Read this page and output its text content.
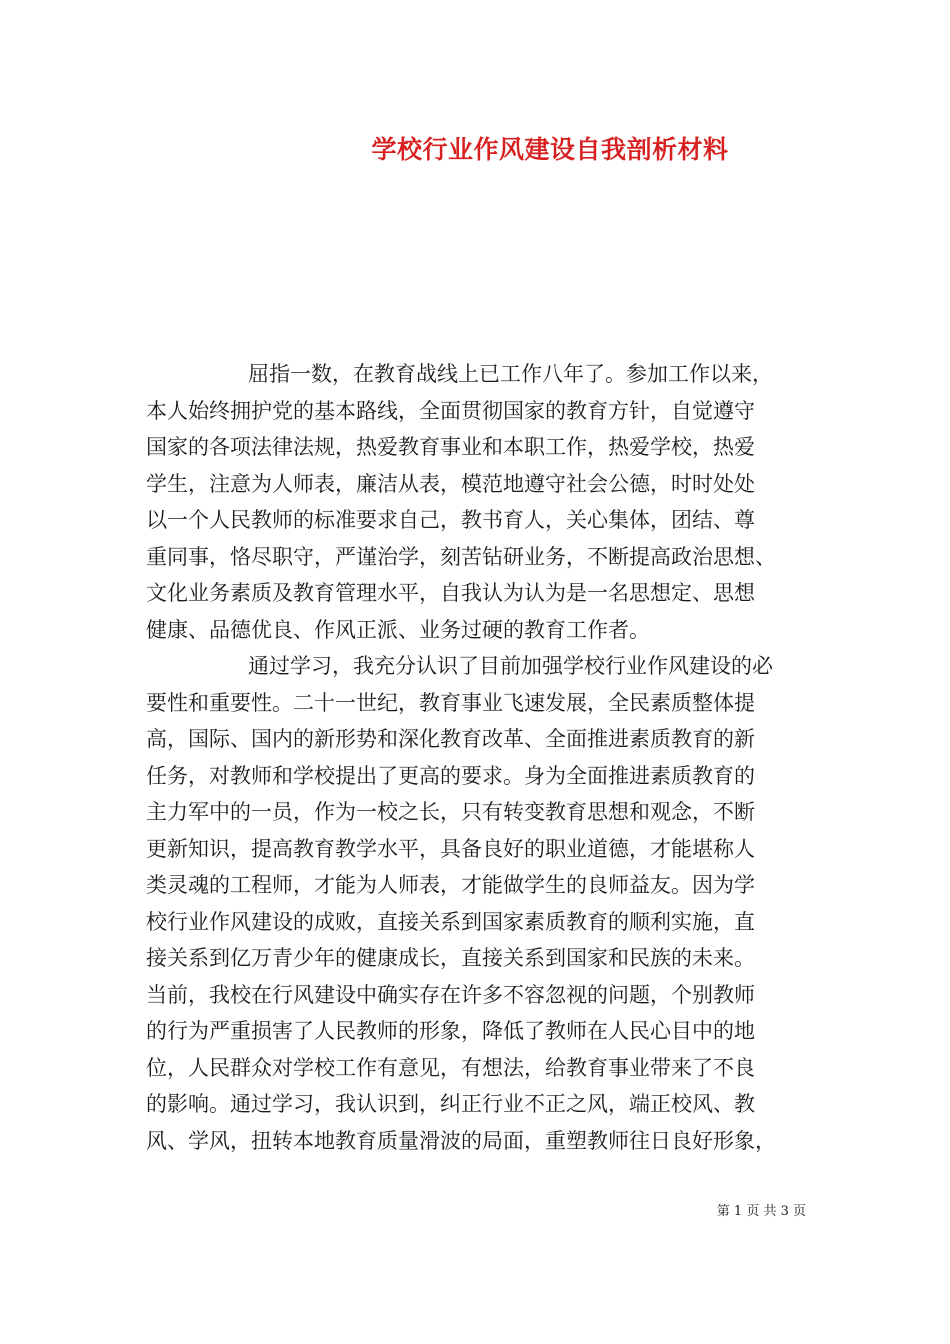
学校行业作风建设自我剖析材料
屈指一数，在教育战线上已工作八年了。参加工作以来，
本人始终拥护党的基本路线，全面贯彻国家的教育方针，自觉遵守
国家的各项法律法规，热爱教育事业和本职工作，热爱学校，热爱
学生，注意为人师表，廉洁从表，模范地遵守社会公德，时时处处
以一个人民教师的标准要求自己，教书育人，关心集体，团结、尊
重同事，恪尽职守，严谨治学，刻苦钻研业务，不断提高政治思想、
文化业务素质及教育管理水平，自我认为认为是一名思想定、思想
健康、品德优良、作风正派、业务过硬的教育工作者。
通过学习，我充分认识了目前加强学校行业作风建设的必
要性和重要性。二十一世纪，教育事业飞速发展，全民素质整体提
高，国际、国内的新形势和深化教育改革、全面推进素质教育的新
任务，对教师和学校提出了更高的要求。身为全面推进素质教育的
主力军中的一员，作为一校之长，只有转变教育思想和观念，不断
更新知识，提高教育教学水平，具备良好的职业道德，才能堪称人
类灵魂的工程师，才能为人师表，才能做学生的良师益友。因为学
校行业作风建设的成败，直接关系到国家素质教育的顺利实施，直
接关系到亿万青少年的健康成长，直接关系到国家和民族的未来。
当前，我校在行风建设中确实存在许多不容忽视的问题，个别教师
的行为严重损害了人民教师的形象，降低了教师在人民心目中的地
位，人民群众对学校工作有意见，有想法，给教育事业带来了不良
的影响。通过学习，我认识到，纠正行业不正之风，端正校风、教
风、学风，扭转本地教育质量滑波的局面，重塑教师往日良好形象，
第 1 页 共 3 页
